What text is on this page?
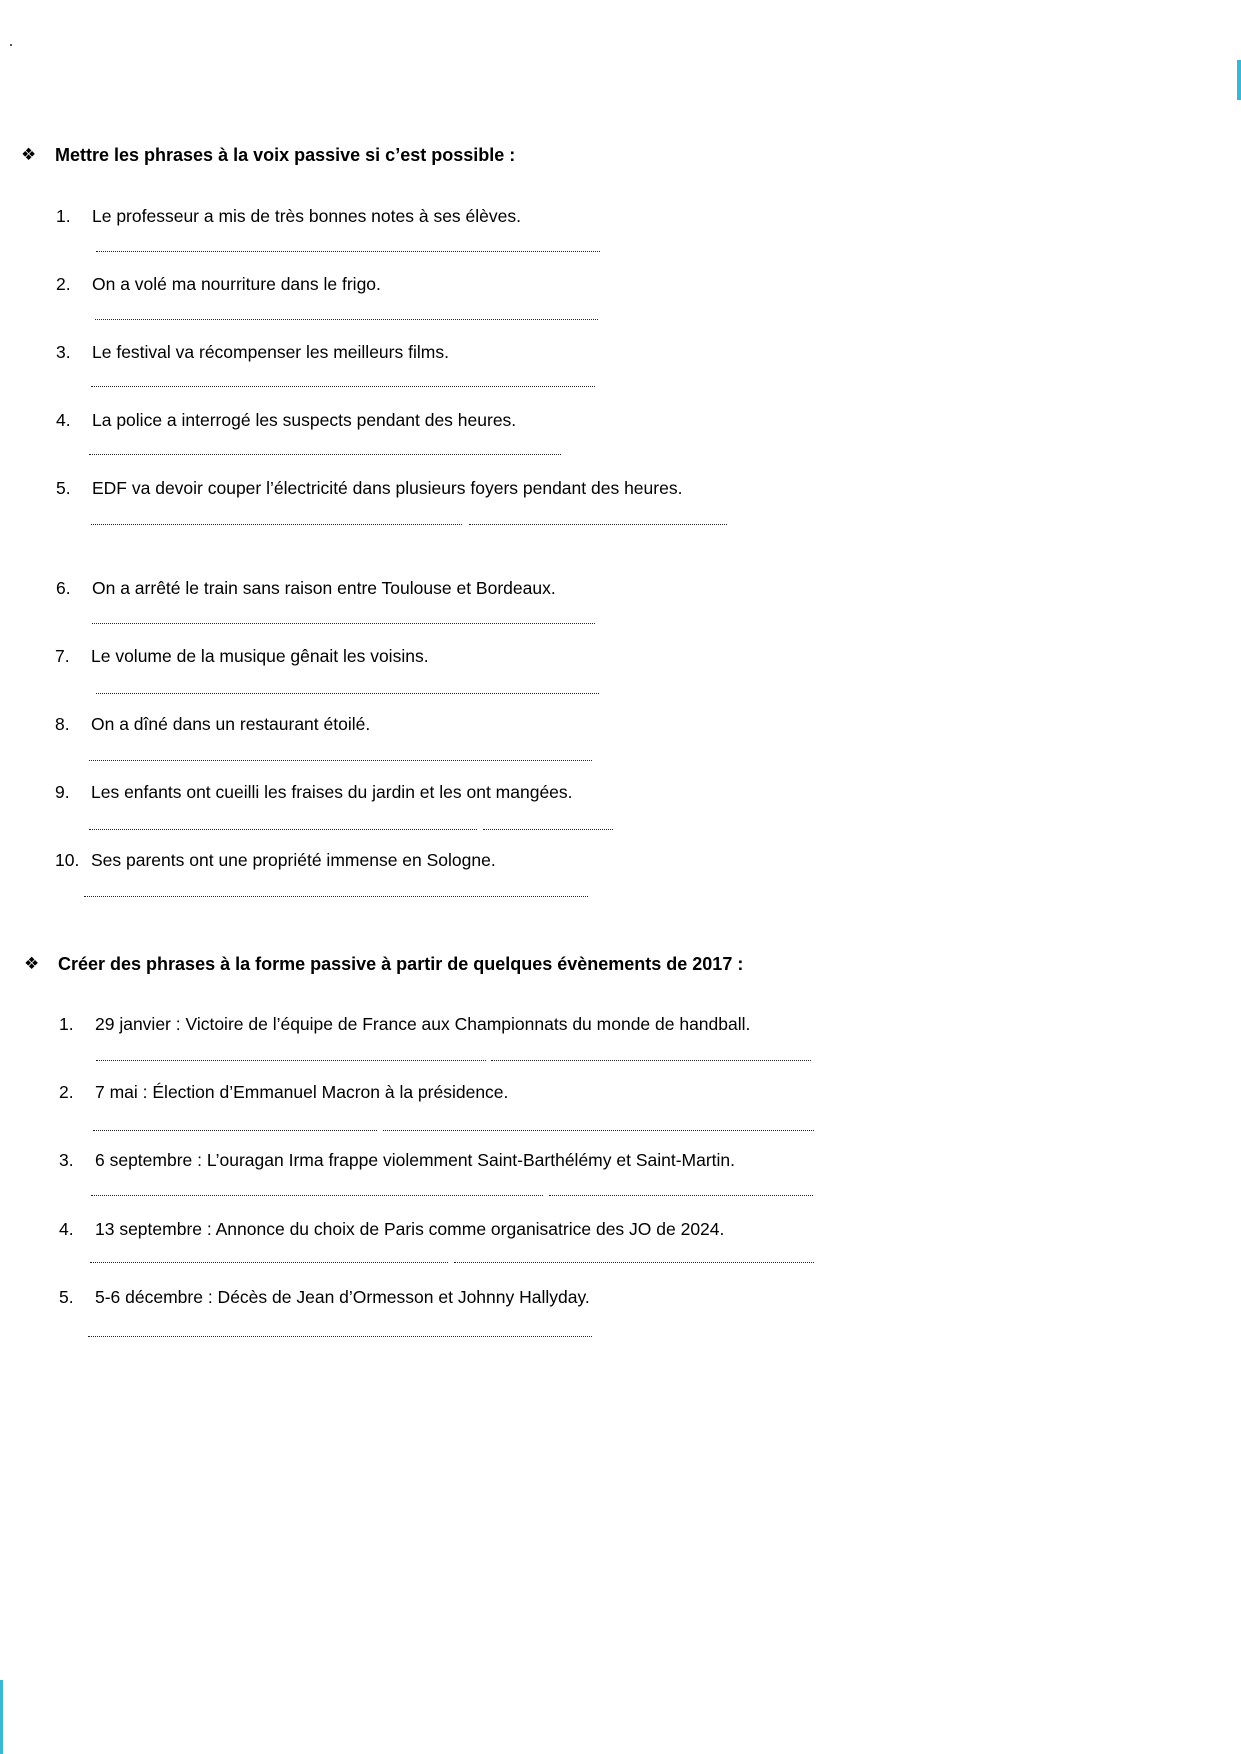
❖ Mettre les phrases à la voix passive si c’est possible :
1. Le professeur a mis de très bonnes notes à ses élèves.
2. On a volé ma nourriture dans le frigo.
3. Le festival va récompenser les meilleurs films.
4. La police a interrogé les suspects pendant des heures.
5. EDF va devoir couper l’électricité dans plusieurs foyers pendant des heures.
6. On a arrêté le train sans raison entre Toulouse et Bordeaux.
7. Le volume de la musique gênait les voisins.
8. On a dîné dans un restaurant étoilé.
9. Les enfants ont cueilli les fraises du jardin et les ont mangées.
10. Ses parents ont une propriété immense en Sologne.
❖ Créer des phrases à la forme passive à partir de quelques évènements de 2017 :
1. 29 janvier : Victoire de l’équipe de France aux Championnats du monde de handball.
2. 7 mai : Élection d’Emmanuel Macron à la présidence.
3. 6 septembre : L’ouragan Irma frappe violemment Saint-Barthélémy et Saint-Martin.
4. 13 septembre : Annonce du choix de Paris comme organisatrice des JO de 2024.
5. 5-6 décembre : Décès de Jean d’Ormesson et Johnny Hallyday.
